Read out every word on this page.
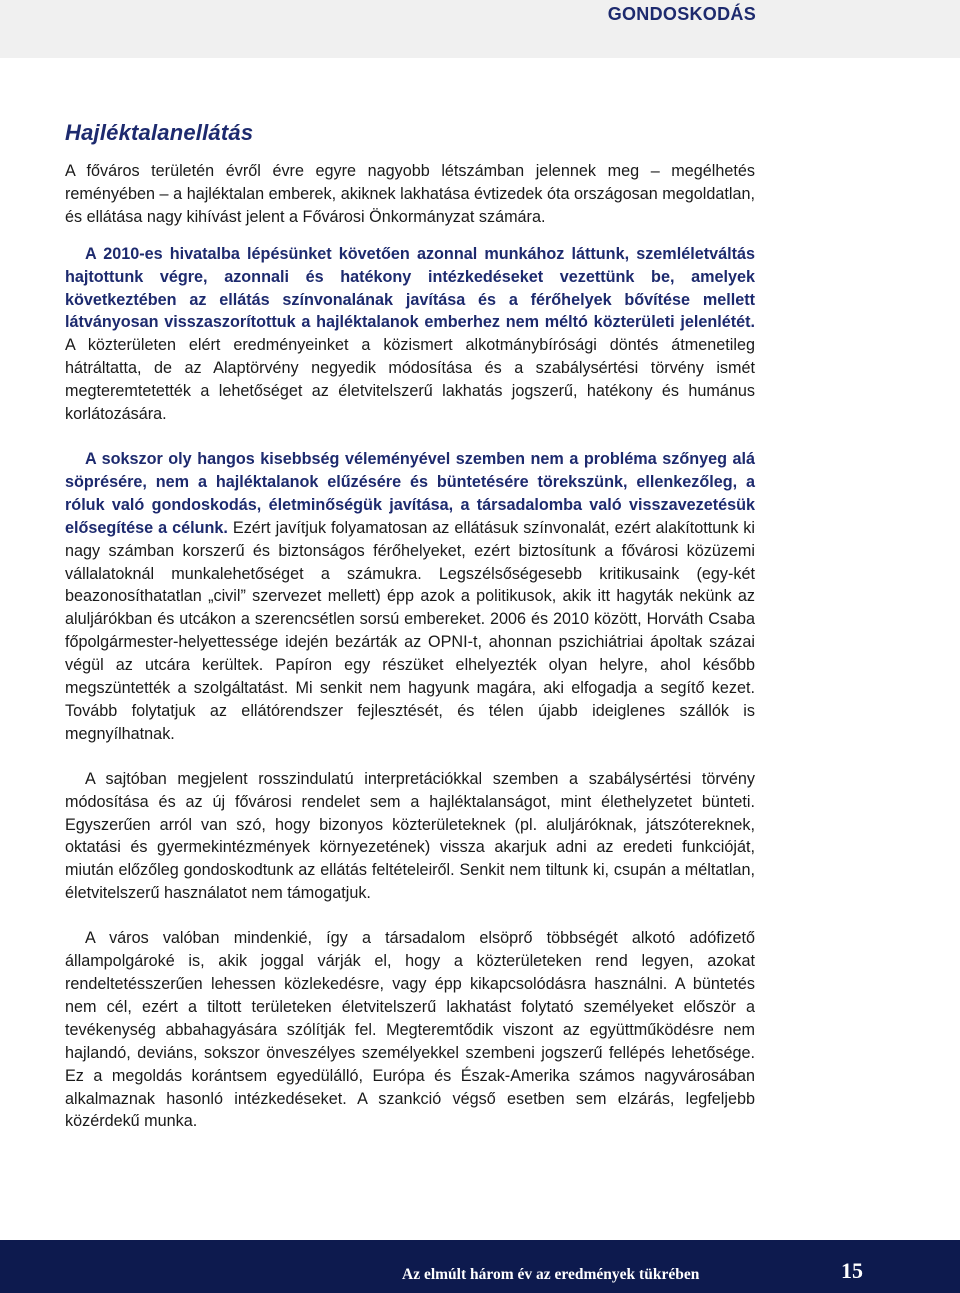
GONDOSKODÁS
Hajléktalanellátás

A főváros területén évről évre egyre nagyobb létszámban jelennek meg – megélhetés reményében – a hajléktalan emberek, akiknek lakhatása évtizedek óta országosan megoldatlan, és ellátása nagy kihívást jelent a Fővárosi Önkormányzat számára.

A 2010-es hivatalba lépésünket követően azonnal munkához láttunk, szemléletváltás hajtottunk végre, azonnali és hatékony intézkedéseket vezettünk be, amelyek következtében az ellátás színvonalának javítása és a férőhelyek bővítése mellett látványosan visszaszorítottuk a hajléktalanok emberhez nem méltó közterületi jelenlétét. A közterületen elért eredményeinket a közismert alkotmánybírósági döntés átmenetileg hátráltatta, de az Alaptörvény negyedik módosítása és a szabálysértési törvény ismét megteremtetették a lehetőséget az életvitelszerű lakhatás jogszerű, hatékony és humánus korlátozására.

A sokszor oly hangos kisebbség véleményével szemben nem a probléma szőnyeg alá söprésére, nem a hajléktalanok elűzésére és büntetésére törekszünk, ellenkezőleg, a róluk való gondoskodás, életminőségük javítása, a társadalomba való visszavezetésük elősegítése a célunk. Ezért javítjuk folyamatosan az ellátásuk színvonalát, ezért alakítottunk ki nagy számban korszerű és biztonságos férőhelyeket, ezért biztosítunk a fővárosi közüzemi vállalatoknál munkalehetőséget a számukra. Legszélsőségesebb kritikusaink (egy-két beazonosíthatatlan „civil” szervezet mellett) épp azok a politikusok, akik itt hagyták nekünk az aluljárókban és utcákon a szerencsétlen sorsú embereket. 2006 és 2010 között, Horváth Csaba főpolgármester-helyettessége idején bezárták az OPNI-t, ahonnan pszichiátriai ápoltak százai végül az utcára kerültek. Papíron egy részüket elhelyezték olyan helyre, ahol később megszüntették a szolgáltatást. Mi senkit nem hagyunk magára, aki elfogadja a segítő kezet. Tovább folytatjuk az ellátórendszer fejlesztését, és télen újabb ideiglenes szállók is megnyílhatnak.

A sajtóban megjelent rosszindulatú interpretációkkal szemben a szabálysértési törvény módosítása és az új fővárosi rendelet sem a hajléktalanságot, mint élethelyzetet bünteti. Egyszerűen arról van szó, hogy bizonyos közterületeknek (pl. aluljáróknak, játszótereknek, oktatási és gyermekintézmények környezetének) vissza akarjuk adni az eredeti funkcióját, miután előzőleg gondoskodtunk az ellátás feltételeiről. Senkit nem tiltunk ki, csupán a méltatlan, életvitelszerű használatot nem támogatjuk.

A város valóban mindenkié, így a társadalom elsöprő többségét alkotó adófizető állampolgároké is, akik joggal várják el, hogy a közterületeken rend legyen, azokat rendeltetésszerűen lehessen közlekedésre, vagy épp kikapcsolódásra használni. A büntetés nem cél, ezért a tiltott területeken életvitelszerű lakhatást folytató személyeket először a tevékenység abbahagyására szólítják fel. Megteremtődik viszont az együttműködésre nem hajlandó, deviáns, sokszor önveszélyes személyekkel szembeni jogszerű fellépés lehetősége. Ez a megoldás korántsem egyedülálló, Európa és Észak-Amerika számos nagyvárosában alkalmaznak hasonló intézkedéseket. A szankció végső esetben sem elzárás, legfeljebb közérdekű munka.

Az elmúlt három év az eredmények tükrében	15
